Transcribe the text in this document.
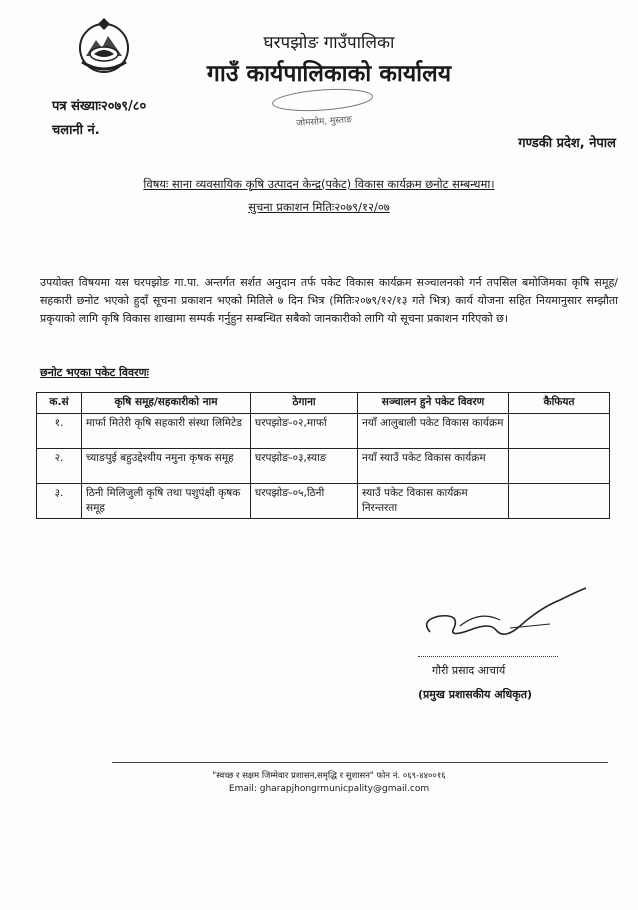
घरपझोङ गाउँपालिका
गाउँ कार्यपालिकाको कार्यालय
जोमसोम, मुस्ताङ
पत्र संख्याः२०७९/८०
चलानी नं.
गण्डकी प्रदेश, नेपाल
विषयः साना व्यवसायिक कृषि उत्पादन केन्द्र(पकेट) विकास कार्यक्रम छनोट सम्बन्धमा।
सुचना प्रकाशन मितिः२०७९/१२/०७
उपयोक्त विषयमा यस घरपझोङ गा.पा. अन्तर्गत सर्शत अनुदान तर्फ पकेट विकास कार्यक्रम सञ्चालनको गर्न तपसिल बमोजिमका कृषि समूह/सहकारी छनोट भएको हुदाँ सूचना प्रकाशन भएको मितिले ७ दिन भित्र (मितिः२०७९/१२/१३ गते भित्र) कार्य योजना सहित नियमानुसार सम्झौता प्रकृयाको लागि कृषि विकास शाखामा सम्पर्क गर्नुहुन सम्बन्धित सबैको जानकारीको लागि यो सूचना प्रकाशन गरिएको छ।
छनोट भएका पकेट विवरणः
क.सं	कृषि समूह/सहकारीको नाम	ठेगाना	सञ्चालन हुने पकेट विवरण	कैफियत
१.	मार्फा मितेरी कृषि सहकारी संस्था लिमिटेड	घरपझोङ-०२,मार्फा	नयाँ आलुबाली पकेट विकास कार्यक्रम	
२.	च्याङपुई बहुउद्देश्यीय नमुना कृषक समूह	घरपझोङ-०३,स्याङ	नयाँ स्याउँ पकेट विकास कार्यक्रम	
३.	ठिनी मिलिजुली कृषि तथा पशुपंक्षी कृषक समूह	घरपझोङ-०५,ठिनी	स्याउँ पकेट विकास कार्यक्रम निरन्तरता	
गौरी प्रसाद आचार्य
(प्रमुख प्रशासकीय अधिकृत)
"स्वच्छ र सक्षम जिम्मेवार प्रशासन,समृद्धि र सुशासन" फोन नं. ०६९-४४००१६
Email: gharapjhongrmunicpality@gmail.com
